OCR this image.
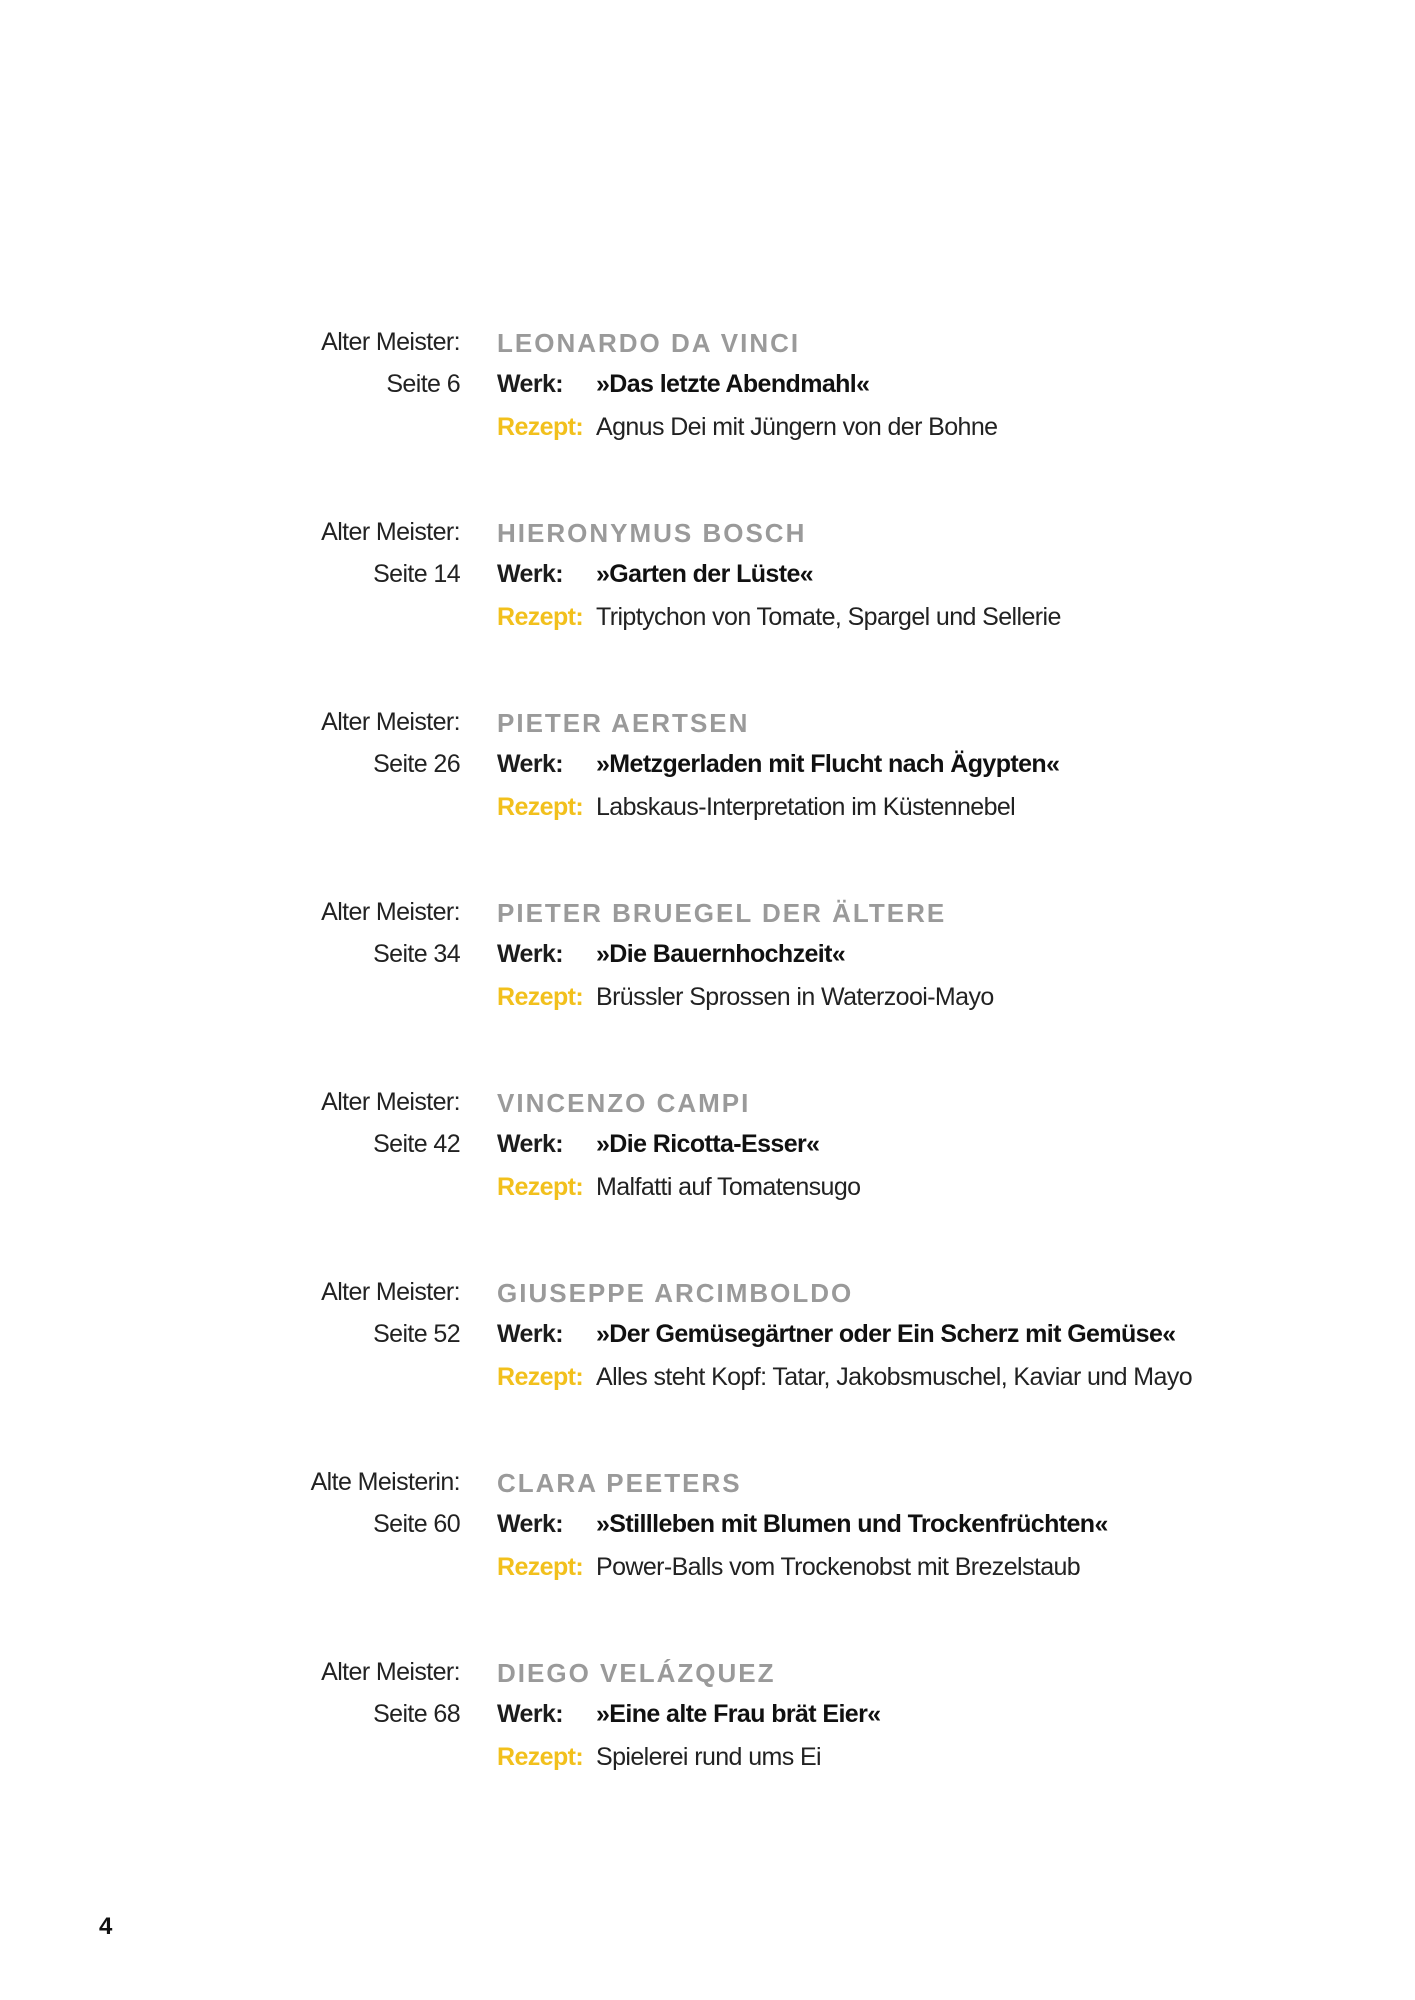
Alter Meister:
Seite 6
LEONARDO DA VINCI
Werk: »Das letzte Abendmahl«
Rezept: Agnus Dei mit Jüngern von der Bohne
Alter Meister:
Seite 14
HIERONYMUS BOSCH
Werk: »Garten der Lüste«
Rezept: Triptychon von Tomate, Spargel und Sellerie
Alter Meister:
Seite 26
PIETER AERTSEN
Werk: »Metzgerladen mit Flucht nach Ägypten«
Rezept: Labskaus-Interpretation im Küstennebel
Alter Meister:
Seite 34
PIETER BRUEGEL DER ÄLTERE
Werk: »Die Bauernhochzeit«
Rezept: Brüssler Sprossen in Waterzooi-Mayo
Alter Meister:
Seite 42
VINCENZO CAMPI
Werk: »Die Ricotta-Esser«
Rezept: Malfatti auf Tomatensugo
Alter Meister:
Seite 52
GIUSEPPE ARCIMBOLDO
Werk: »Der Gemüsegärtner oder Ein Scherz mit Gemüse«
Rezept: Alles steht Kopf: Tatar, Jakobsmuschel, Kaviar und Mayo
Alte Meisterin:
Seite 60
CLARA PEETERS
Werk: »Stillleben mit Blumen und Trockenfrüchten«
Rezept: Power-Balls vom Trockenobst mit Brezelstaub
Alter Meister:
Seite 68
DIEGO VELÁZQUEZ
Werk: »Eine alte Frau brät Eier«
Rezept: Spielerei rund ums Ei
4
